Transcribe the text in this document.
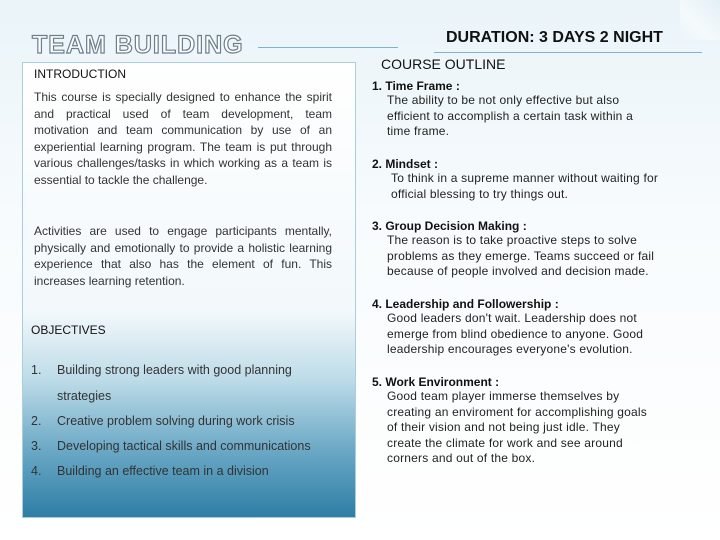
TEAM BUILDING	DURATION: 3 DAYS 2 NIGHT
COURSE OUTLINE
INTRODUCTION

This course is specially designed to enhance the spirit and practical used of team development, team motivation and team communication by use of an experiential learning program. The team is put through various challenges/tasks in which working as a team is essential to tackle the challenge.

Activities are used to engage participants mentally, physically and emotionally to provide a holistic learning experience that also has the element of fun. This increases learning retention.

OBJECTIVES
1. Building strong leaders with good planning
strategies
2. Creative problem solving during work crisis
3. Developing tactical skills and communications
4. Building an effective team in a division
1. Time Frame :

The ability to be not only effective but also

efficient to accomplish a certain task within a

time frame.

2. Mindset :

To think in a supreme manner without waiting for

official blessing to try things out.

3. Group Decision Making :

The reason is to take proactive steps to solve

problems as they emerge. Teams succeed or fail

because of people involved and decision made.

4. Leadership and Followership :

Good leaders don't wait. Leadership does not

emerge from blind obedience to anyone. Good

leadership encourages everyone's evolution.

5. Work Environment :

Good team player immerse themselves by

creating an enviroment for accomplishing goals

of their vision and not being just idle. They

create the climate for work and see around

corners and out of the box.
